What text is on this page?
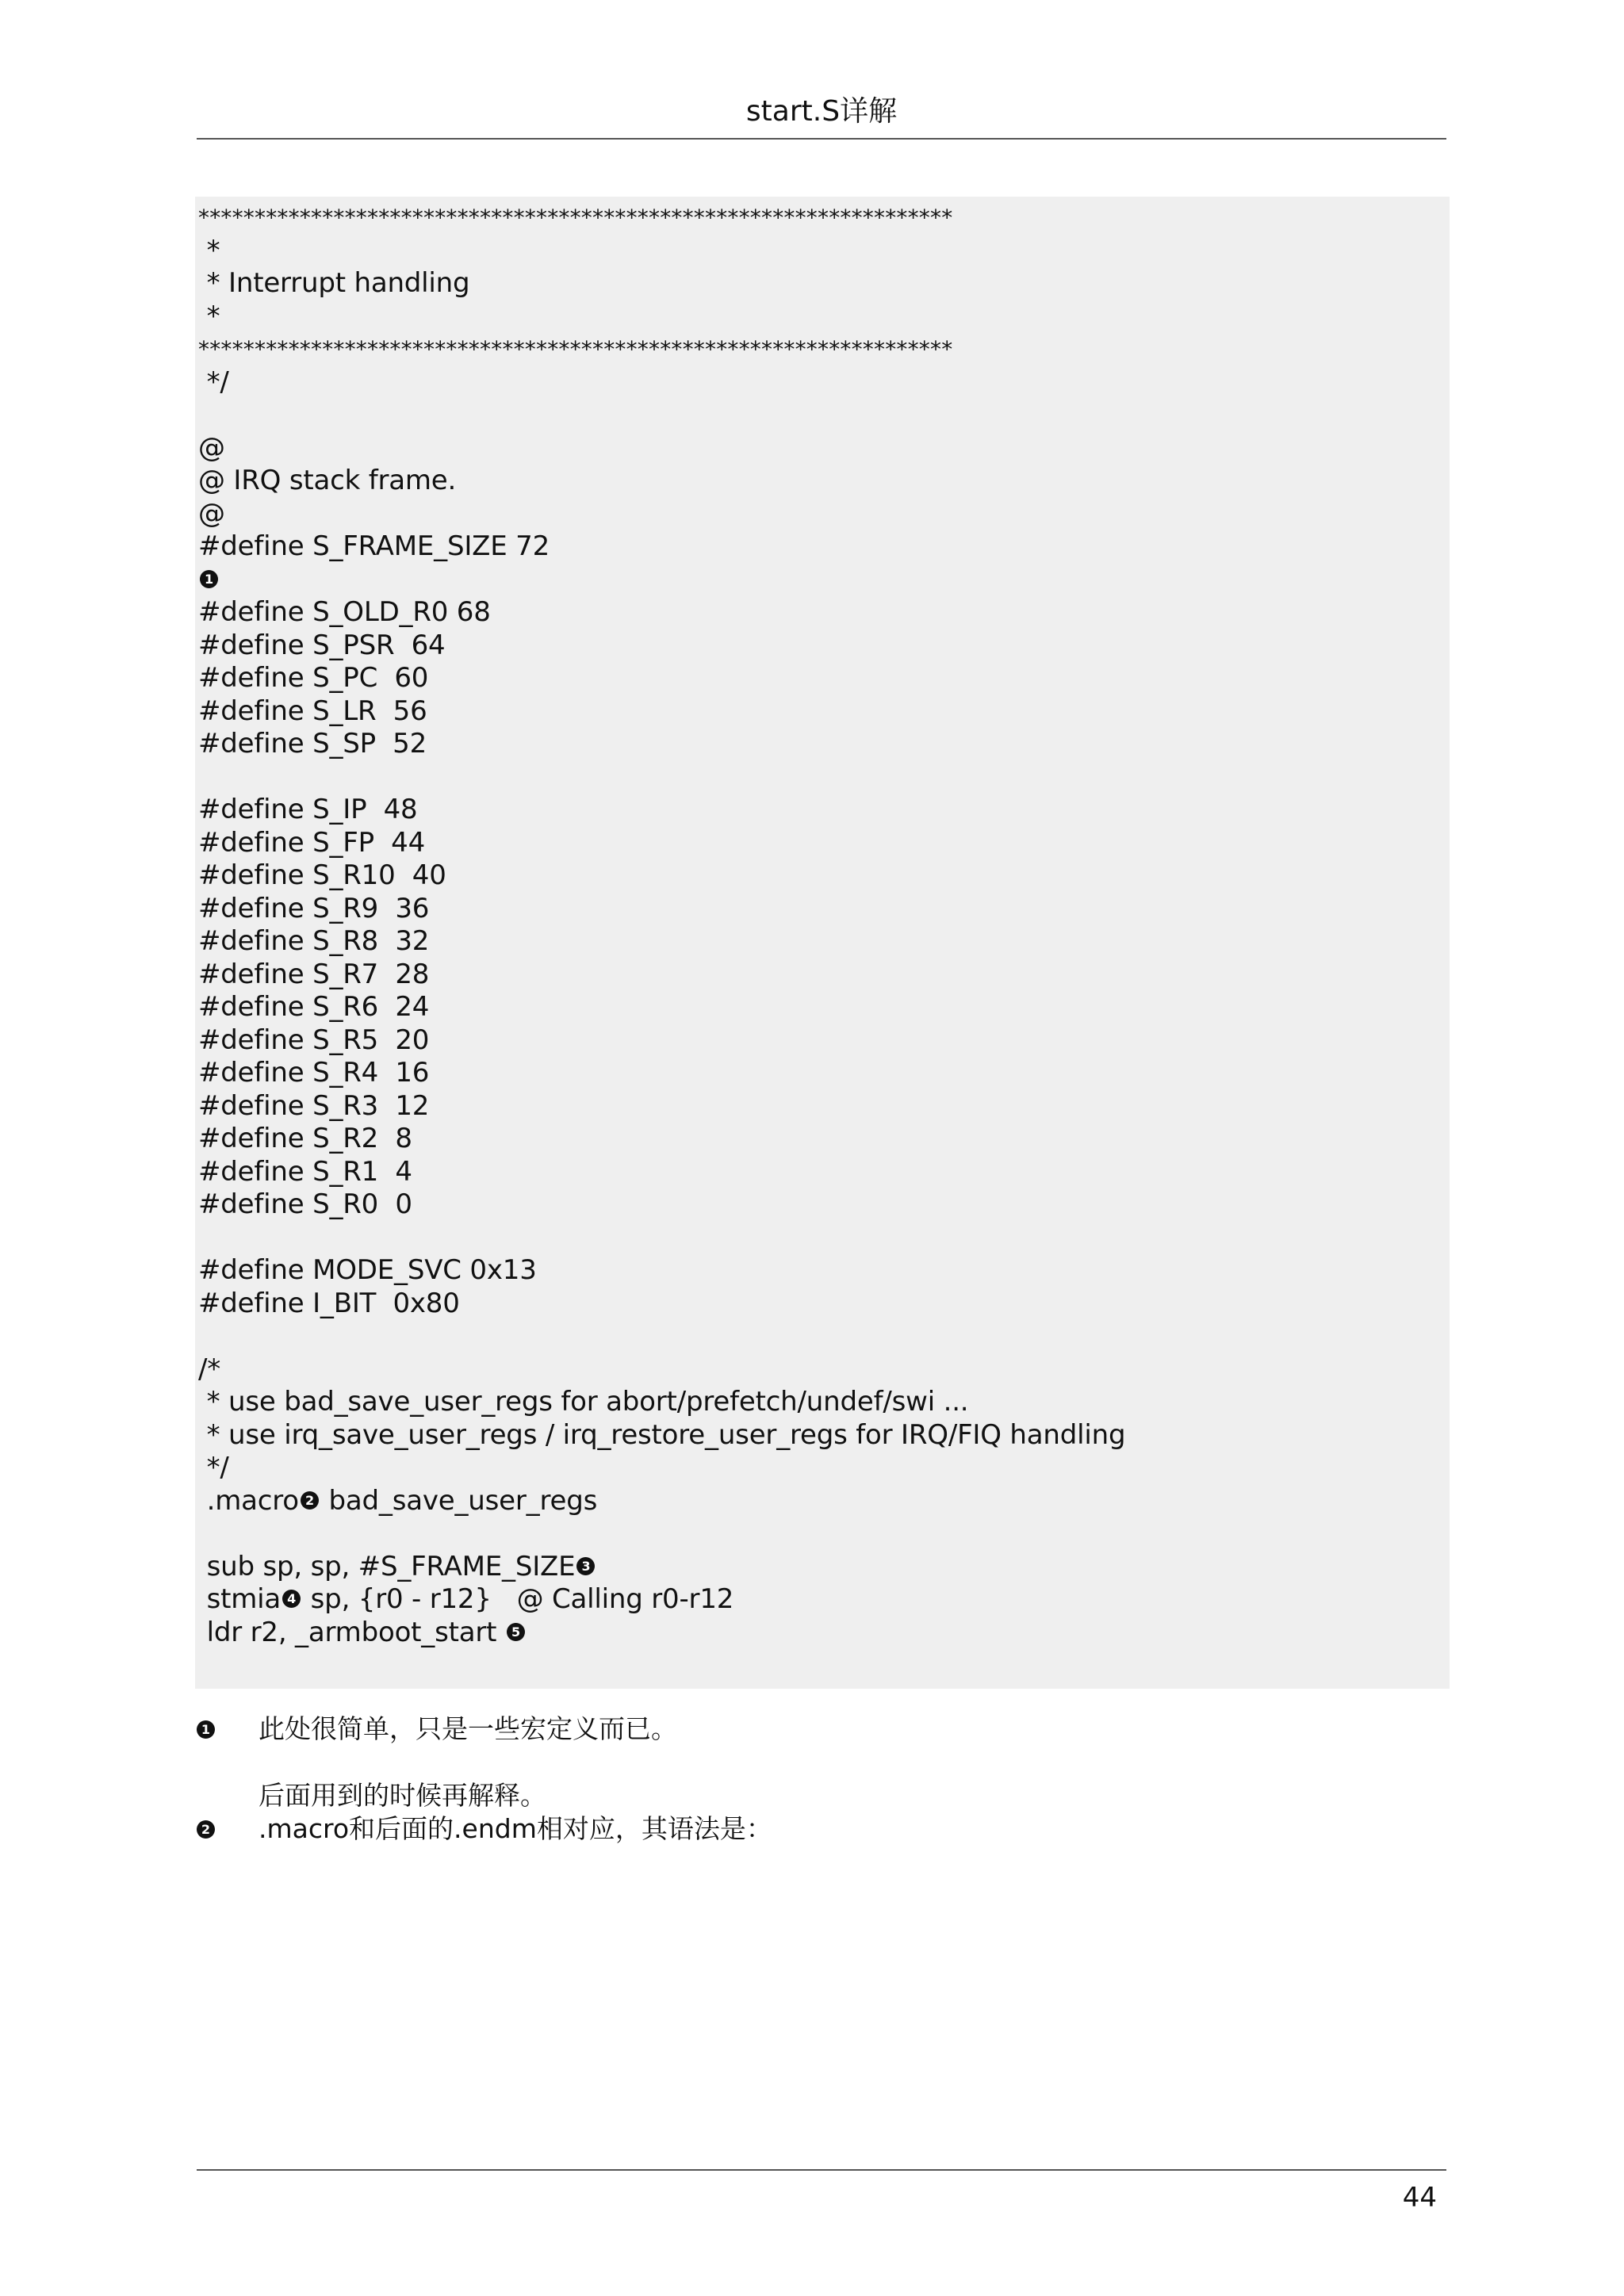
start.S详解
*******************************************************************
*
* Interrupt handling
*
*******************************************************************
*/
@
@ IRQ stack frame.
@
#define S_FRAME_SIZE 72
1
#define S_OLD_R0 68
#define S_PSR  64
#define S_PC  60
#define S_LR  56
#define S_SP  52
#define S_IP  48
#define S_FP  44
#define S_R10  40
#define S_R9  36
#define S_R8  32
#define S_R7  28
#define S_R6  24
#define S_R5  20
#define S_R4  16
#define S_R3  12
#define S_R2  8
#define S_R1  4
#define S_R0  0
#define MODE_SVC 0x13
#define I_BIT  0x80
/*
* use bad_save_user_regs for abort/prefetch/undef/swi ...
* use irq_save_user_regs / irq_restore_user_regs for IRQ/FIQ handling
*/
.macro 2 bad_save_user_regs
sub sp, sp, #S_FRAME_SIZE 3
stmia 4 sp, {r0 - r12}   @ Calling r0-r12
ldr r2, _armboot_start 5
1 此处很简单，只是一些宏定义而已。
后面用到的时候再解释。
2 .macro和后面的.endm相对应，其语法是：
44
